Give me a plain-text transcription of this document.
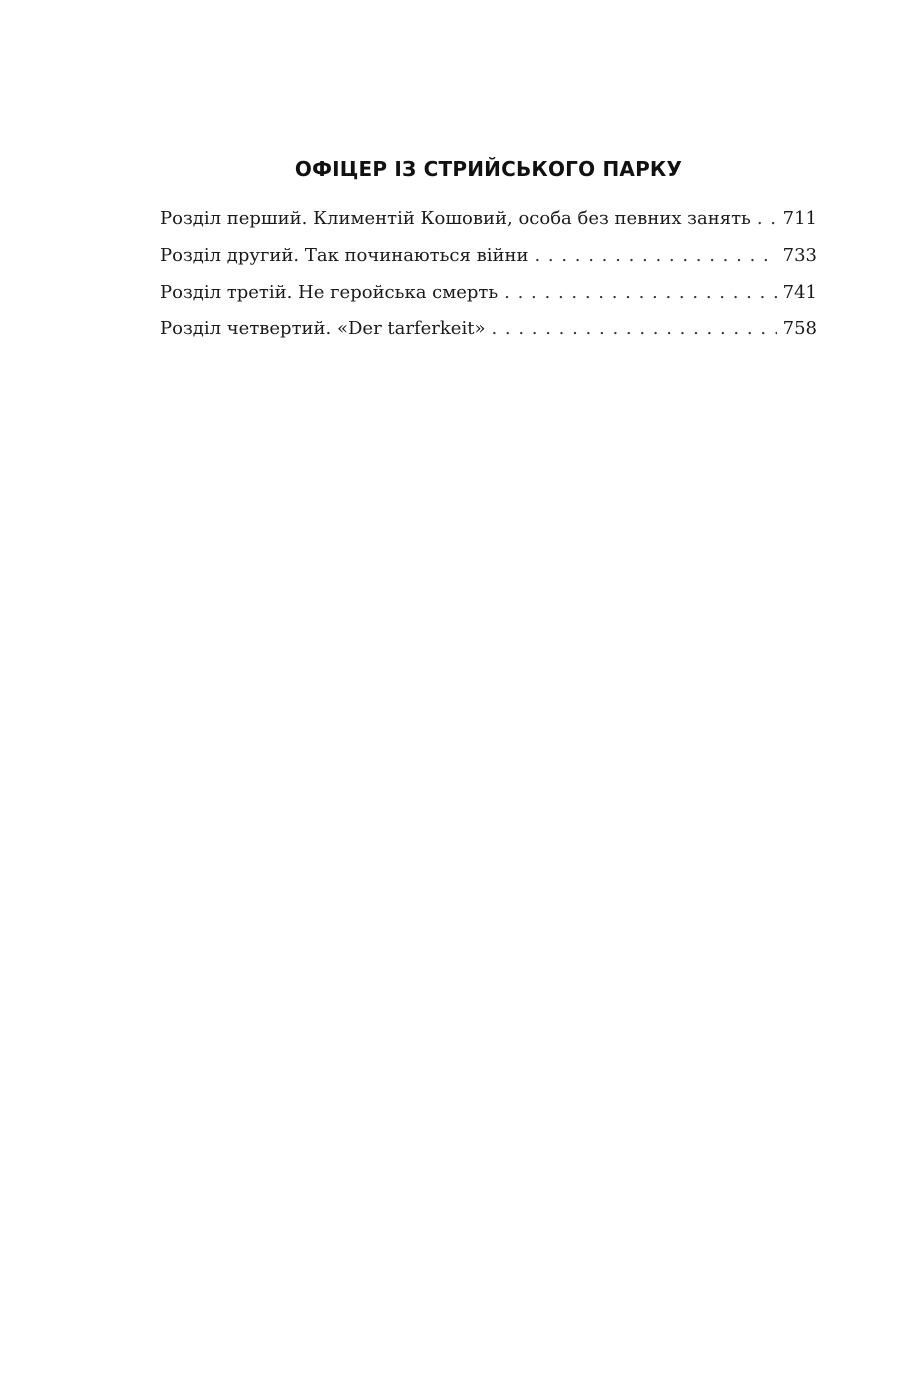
ОФІЦЕР ІЗ СТРИЙСЬКОГО ПАРКУ
Розділ перший. Климентій Кошовий, особа без певних занять . . . 711
Розділ другий. Так починаються війни . . .	733
Розділ третій. Не геройська смерть . . .	741
Розділ четвертий. «Der tarferkeit» . . .	758
